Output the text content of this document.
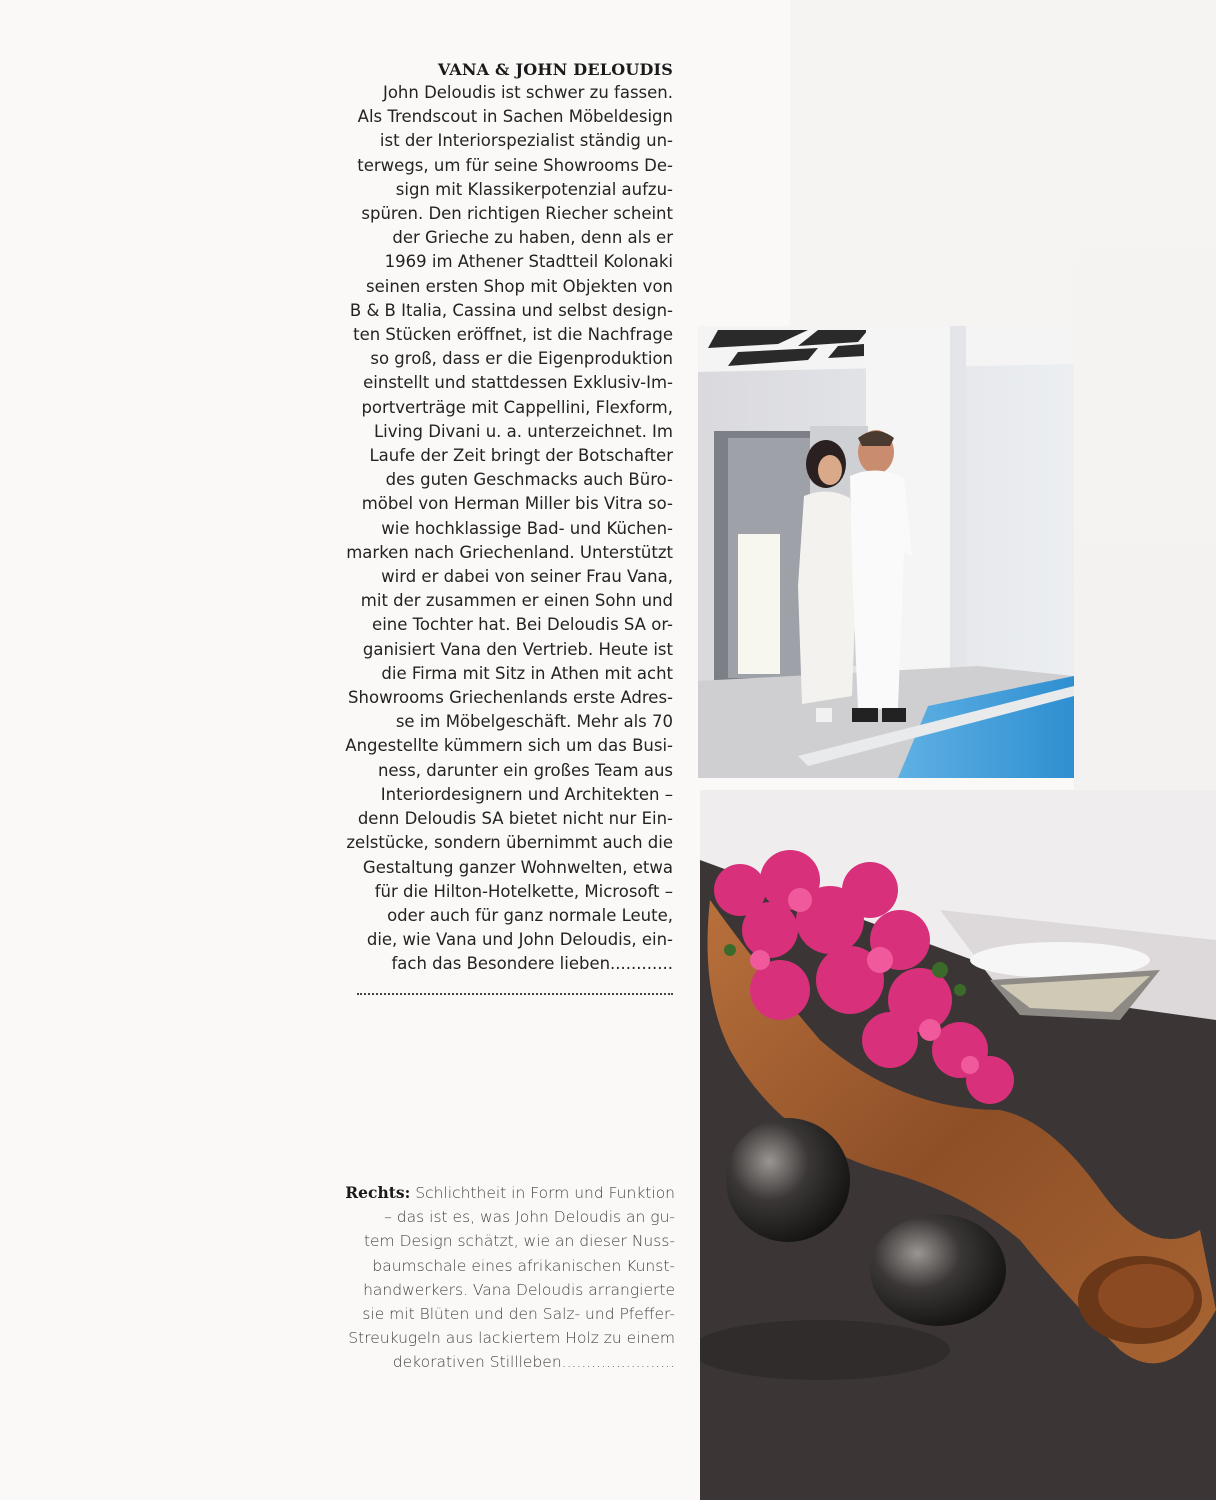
VANA & JOHN DELOUDIS
John Deloudis ist schwer zu fassen.
Als Trendscout in Sachen Möbeldesign
ist der Interiorspezialist ständig un-
terwegs, um für seine Showrooms De-
sign mit Klassikerpotenzial aufzu-
spüren. Den richtigen Riecher scheint
der Grieche zu haben, denn als er
1969 im Athener Stadtteil Kolonaki
seinen ersten Shop mit Objekten von
B & B Italia, Cassina und selbst design-
ten Stücken eröffnet, ist die Nachfrage
so groß, dass er die Eigenproduktion
einstellt und stattdessen Exklusiv-Im-
portverträge mit Cappellini, Flexform,
Living Divani u. a. unterzeichnet. Im
Laufe der Zeit bringt der Botschafter
des guten Geschmacks auch Büro-
möbel von Herman Miller bis Vitra so-
wie hochklassige Bad- und Küchen-
marken nach Griechenland. Unterstützt
wird er dabei von seiner Frau Vana,
mit der zusammen er einen Sohn und
eine Tochter hat. Bei Deloudis SA or-
ganisiert Vana den Vertrieb. Heute ist
die Firma mit Sitz in Athen mit acht
Showrooms Griechenlands erste Adres-
se im Möbelgeschäft. Mehr als 70
Angestellte kümmern sich um das Busi-
ness, darunter ein großes Team aus
Interiordesignern und Architekten –
denn Deloudis SA bietet nicht nur Ein-
zelstücke, sondern übernimmt auch die
Gestaltung ganzer Wohnwelten, etwa
für die Hilton-Hotelkette, Microsoft –
oder auch für ganz normale Leute,
die, wie Vana und John Deloudis, ein-
fach das Besondere lieben............
Rechts: Schlichtheit in Form und Funktion
– das ist es, was John Deloudis an gu-
tem Design schätzt, wie an dieser Nuss-
baumschale eines afrikanischen Kunst-
handwerkers. Vana Deloudis arrangierte
sie mit Blüten und den Salz- und Pfeffer-
Streukugeln aus lackiertem Holz zu einem
dekorativen Stillleben.......................
